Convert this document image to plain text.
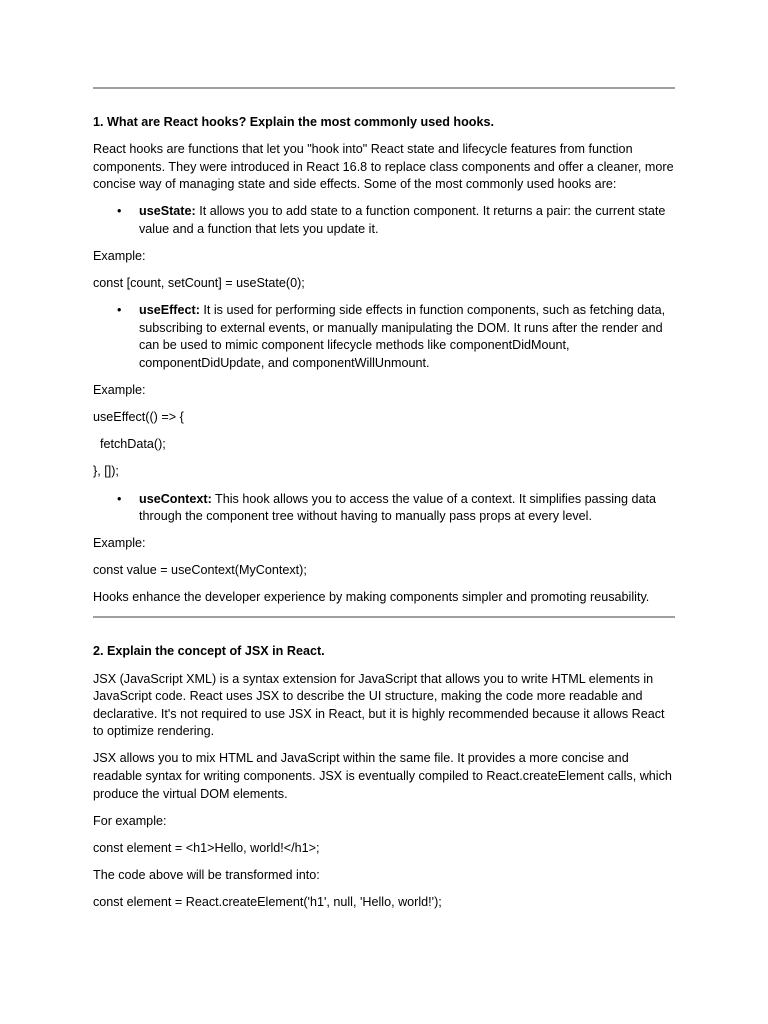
1. What are React hooks? Explain the most commonly used hooks.

React hooks are functions that let you "hook into" React state and lifecycle features from function components. They were introduced in React 16.8 to replace class components and offer a cleaner, more concise way of managing state and side effects. Some of the most commonly used hooks are:

• useState: It allows you to add state to a function component. It returns a pair: the current state value and a function that lets you update it.

Example:

const [count, setCount] = useState(0);

• useEffect: It is used for performing side effects in function components, such as fetching data, subscribing to external events, or manually manipulating the DOM. It runs after the render and can be used to mimic component lifecycle methods like componentDidMount, componentDidUpdate, and componentWillUnmount.

Example:

useEffect(() => {

fetchData();

}, []);

• useContext: This hook allows you to access the value of a context. It simplifies passing data through the component tree without having to manually pass props at every level.

Example:

const value = useContext(MyContext);

Hooks enhance the developer experience by making components simpler and promoting reusability.

2. Explain the concept of JSX in React.

JSX (JavaScript XML) is a syntax extension for JavaScript that allows you to write HTML elements in JavaScript code. React uses JSX to describe the UI structure, making the code more readable and declarative. It's not required to use JSX in React, but it is highly recommended because it allows React to optimize rendering.

JSX allows you to mix HTML and JavaScript within the same file. It provides a more concise and readable syntax for writing components. JSX is eventually compiled to React.createElement calls, which produce the virtual DOM elements.

For example:

const element = <h1>Hello, world!</h1>;

The code above will be transformed into:

const element = React.createElement('h1', null, 'Hello, world!');
